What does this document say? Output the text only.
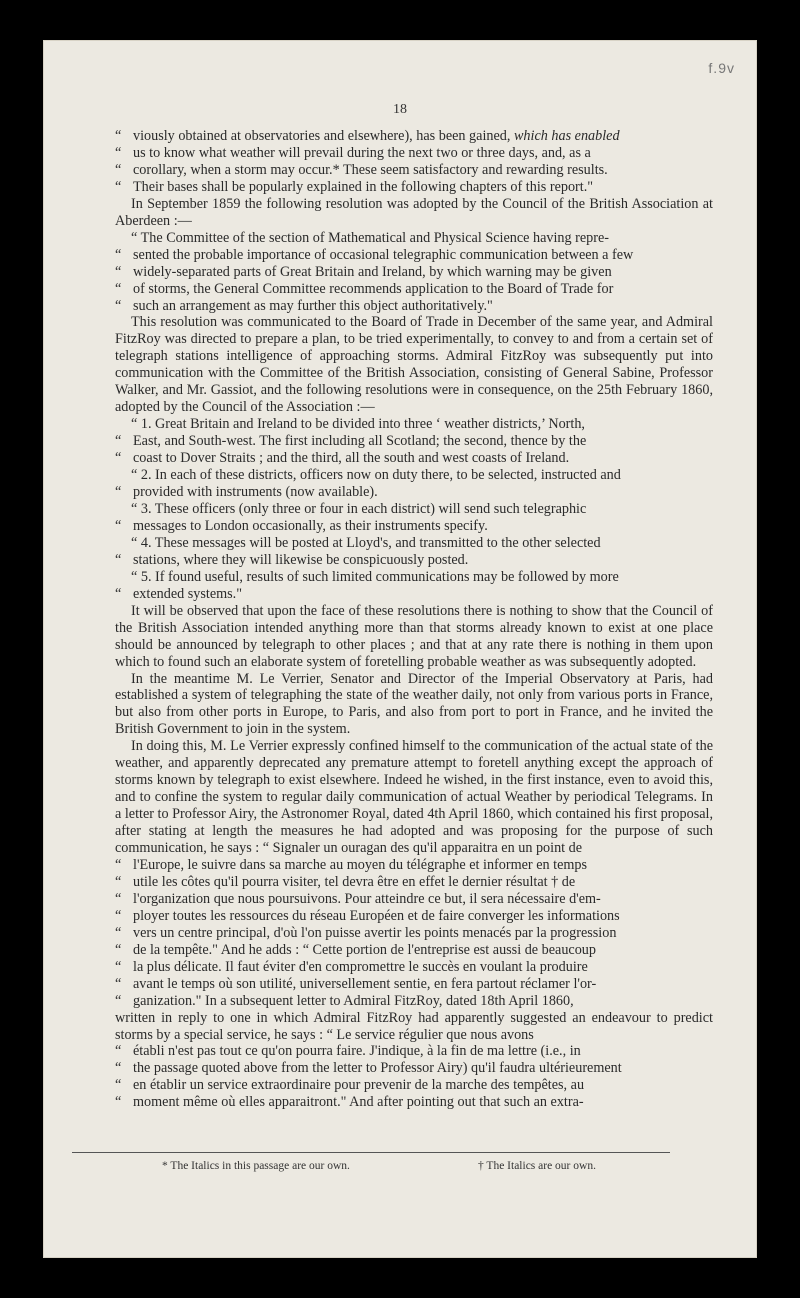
f.9v
18

“ viously obtained at observatories and elsewhere), has been gained, which has enabled

“ us to know what weather will prevail during the next two or three days, and, as a

“ corollary, when a storm may occur.* These seem satisfactory and rewarding results.

“ Their bases shall be popularly explained in the following chapters of this report."

In September 1859 the following resolution was adopted by the Council of the British Association at Aberdeen :—

“ The Committee of the section of Mathematical and Physical Science having repre-

“ sented the probable importance of occasional telegraphic communication between a few

“ widely-separated parts of Great Britain and Ireland, by which warning may be given

“ of storms, the General Committee recommends application to the Board of Trade for

“ such an arrangement as may further this object authoritatively."

This resolution was communicated to the Board of Trade in December of the same year, and Admiral FitzRoy was directed to prepare a plan, to be tried experimentally, to convey to and from a certain set of telegraph stations intelligence of approaching storms. Admiral FitzRoy was subsequently put into communication with the Committee of the British Association, consisting of General Sabine, Professor Walker, and Mr. Gassiot, and the following resolutions were in consequence, on the 25th February 1860, adopted by the Council of the Association :—

“ 1. Great Britain and Ireland to be divided into three ‘ weather districts,’ North,

“ East, and South-west. The first including all Scotland; the second, thence by the

“ coast to Dover Straits ; and the third, all the south and west coasts of Ireland.

“ 2. In each of these districts, officers now on duty there, to be selected, instructed and

“ provided with instruments (now available).

“ 3. These officers (only three or four in each district) will send such telegraphic

“ messages to London occasionally, as their instruments specify.

“ 4. These messages will be posted at Lloyd's, and transmitted to the other selected

“ stations, where they will likewise be conspicuously posted.

“ 5. If found useful, results of such limited communications may be followed by more

“ extended systems."

It will be observed that upon the face of these resolutions there is nothing to show that the Council of the British Association intended anything more than that storms already known to exist at one place should be announced by telegraph to other places ; and that at any rate there is nothing in them upon which to found such an elaborate system of foretelling probable weather as was subsequently adopted.

In the meantime M. Le Verrier, Senator and Director of the Imperial Observatory at Paris, had established a system of telegraphing the state of the weather daily, not only from various ports in France, but also from other ports in Europe, to Paris, and also from port to port in France, and he invited the British Government to join in the system.

In doing this, M. Le Verrier expressly confined himself to the communication of the actual state of the weather, and apparently deprecated any premature attempt to foretell anything except the approach of storms known by telegraph to exist elsewhere. Indeed he wished, in the first instance, even to avoid this, and to confine the system to regular daily communication of actual Weather by periodical Telegrams. In a letter to Professor Airy, the Astronomer Royal, dated 4th April 1860, which contained his first proposal, after stating at length the measures he had adopted and was proposing for the purpose of such communication, he says : “ Signaler un ouragan des qu'il apparaitra en un point de

“ l'Europe, le suivre dans sa marche au moyen du télégraphe et informer en temps

“ utile les côtes qu'il pourra visiter, tel devra être en effet le dernier résultat † de

“ l'organization que nous poursuivons. Pour atteindre ce but, il sera nécessaire d'em-

“ ployer toutes les ressources du réseau Européen et de faire converger les informations

“ vers un centre principal, d'où l'on puisse avertir les points menacés par la progression

“ de la tempête." And he adds : “ Cette portion de l'entreprise est aussi de beaucoup

“ la plus délicate. Il faut éviter d'en compromettre le succès en voulant la produire

“ avant le temps où son utilité, universellement sentie, en fera partout réclamer l'or-

“ ganization." In a subsequent letter to Admiral FitzRoy, dated 18th April 1860,

written in reply to one in which Admiral FitzRoy had apparently suggested an endeavour to predict storms by a special service, he says : “ Le service régulier que nous avons

“ établi n'est pas tout ce qu'on pourra faire. J'indique, à la fin de ma lettre (i.e., in

“ the passage quoted above from the letter to Professor Airy) qu'il faudra ultérieurement

“ en établir un service extraordinaire pour prevenir de la marche des tempêtes, au

“ moment même où elles apparaitront." And after pointing out that such an extra-

* The Italics in this passage are our own.	† The Italics are our own.
